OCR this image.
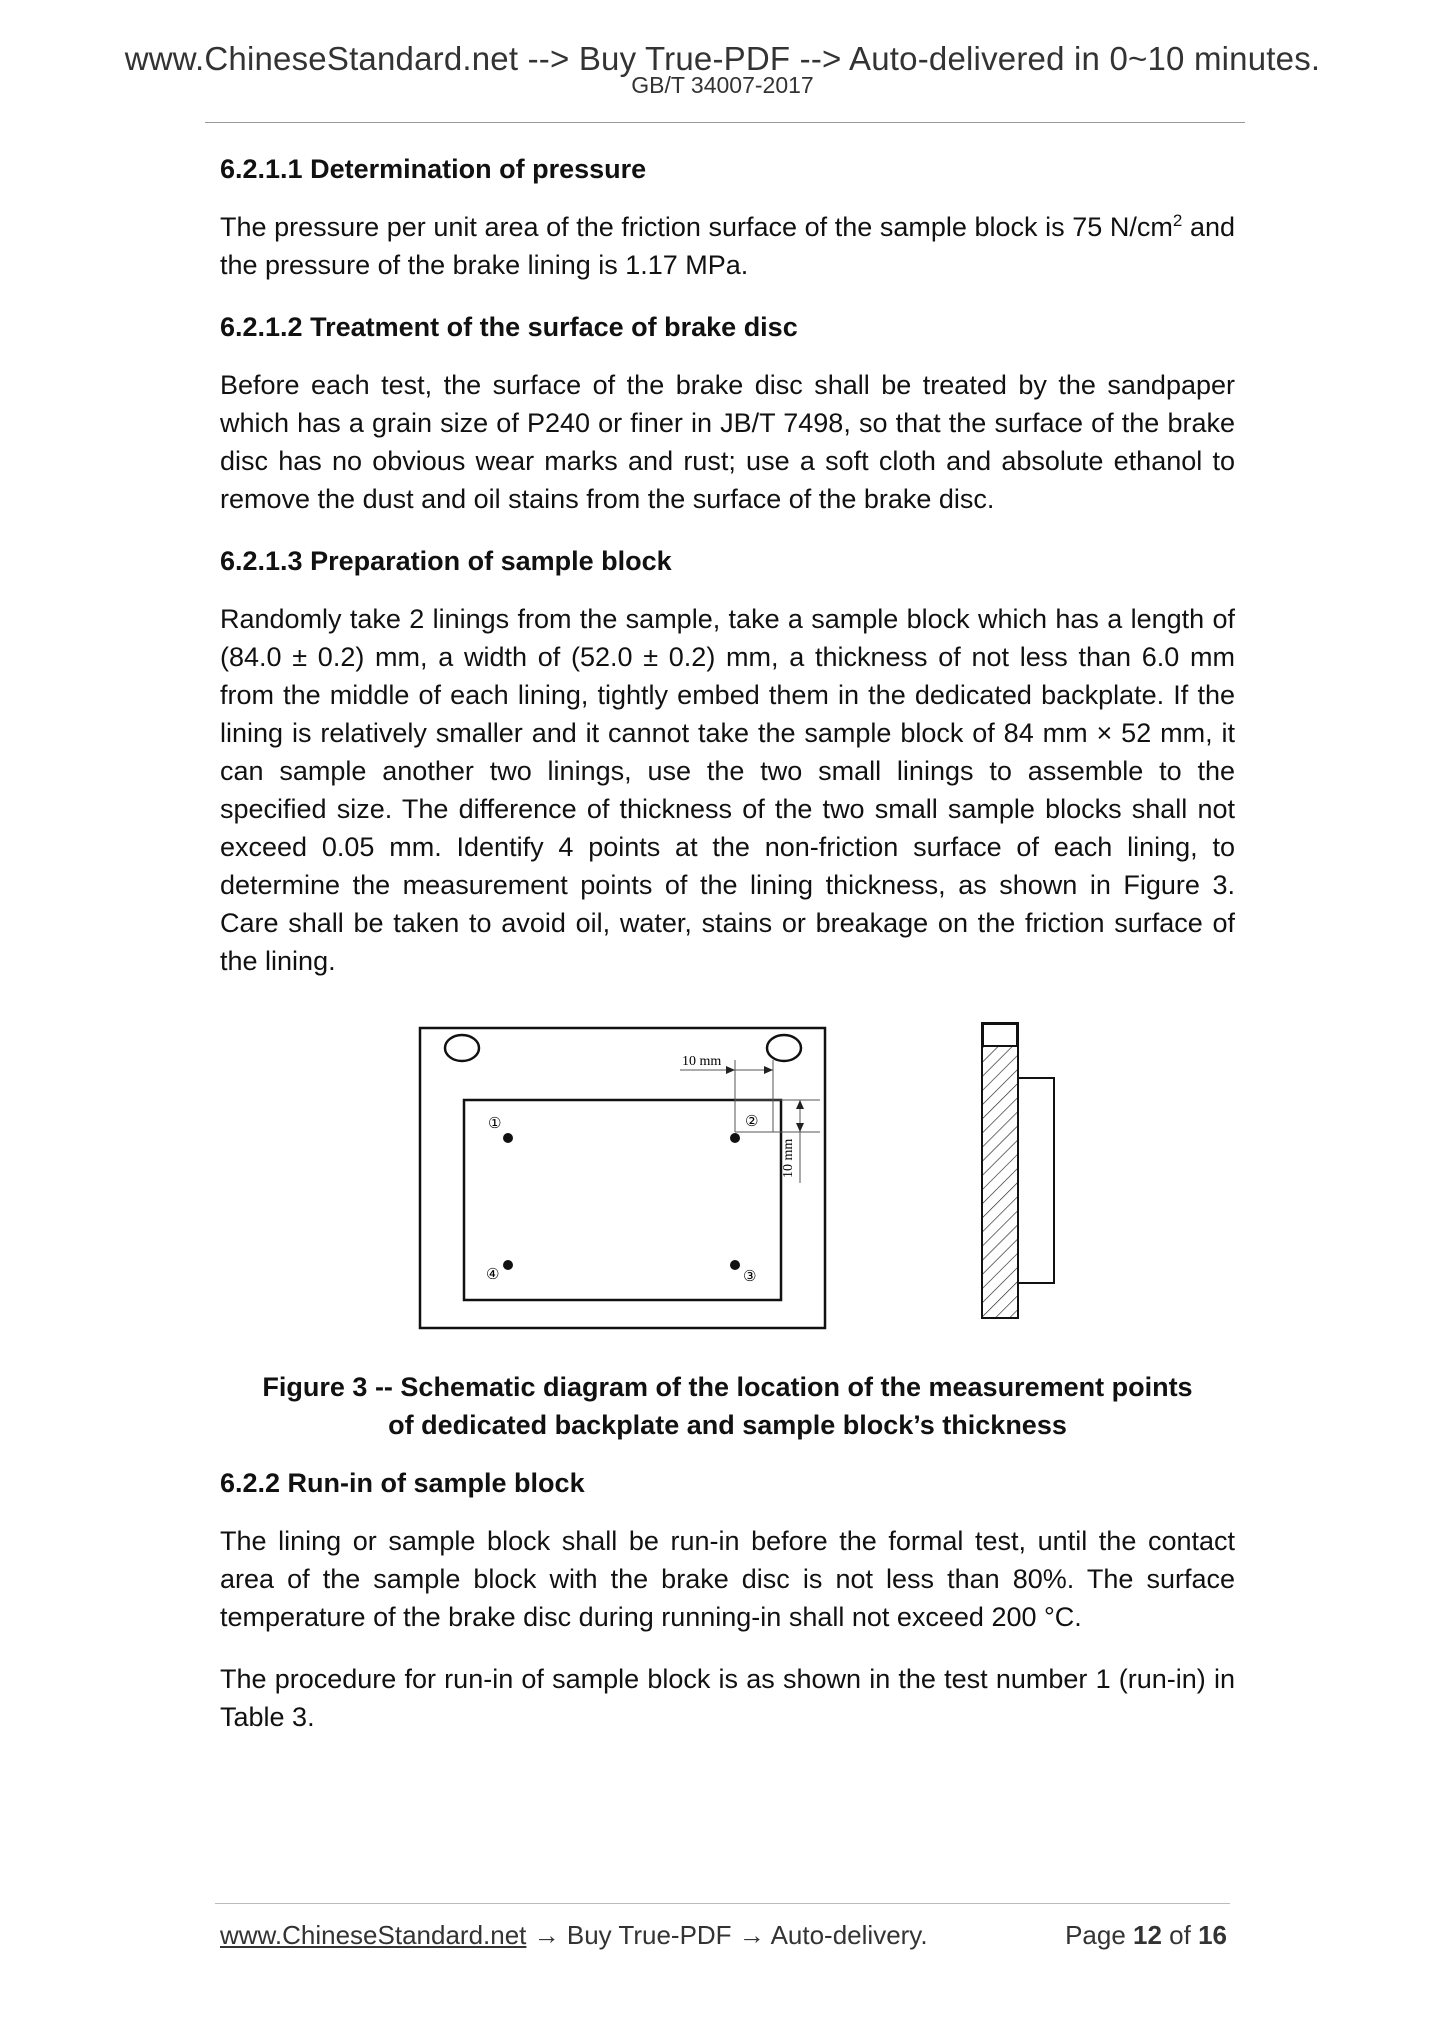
www.ChineseStandard.net --> Buy True-PDF --> Auto-delivered in 0~10 minutes.
GB/T 34007-2017

6.2.1.1 Determination of pressure

The pressure per unit area of the friction surface of the sample block is 75 $N/cm^2$ and the pressure of the brake lining is 1.17 MPa.

6.2.1.2 Treatment of the surface of brake disc

Before each test, the surface of the brake disc shall be treated by the sandpaper which has a grain size of P240 or finer in JB/T 7498, so that the surface of the brake disc has no obvious wear marks and rust; use a soft cloth and absolute ethanol to remove the dust and oil stains from the surface of the brake disc.

6.2.1.3 Preparation of sample block

Randomly take 2 linings from the sample, take a sample block which has a length of (84.0 ± 0.2) mm, a width of (52.0 ± 0.2) mm, a thickness of not less than 6.0 mm from the middle of each lining, tightly embed them in the dedicated backplate. If the lining is relatively smaller and it cannot take the sample block of 84 mm × 52 mm, it can sample another two linings, use the two small linings to assemble to the specified size. The difference of thickness of the two small sample blocks shall not exceed 0.05 mm. Identify 4 points at the non-friction surface of each lining, to determine the measurement points of the lining thickness, as shown in Figure 3. Care shall be taken to avoid oil, water, stains or breakage on the friction surface of the lining.

10 mm
10 mm
①	②
③
④

Figure 3 -- Schematic diagram of the location of the measurement points

of dedicated backplate and sample block’s thickness

6.2.2 Run-in of sample block

The lining or sample block shall be run-in before the formal test, until the contact area of the sample block with the brake disc is not less than 80%. The surface temperature of the brake disc during running-in shall not exceed 200 °C.

The procedure for run-in of sample block is as shown in the test number 1 (run-in) in Table 3.

www.ChineseStandard.net → Buy True-PDF → Auto-delivery.	Page 12 of 16
